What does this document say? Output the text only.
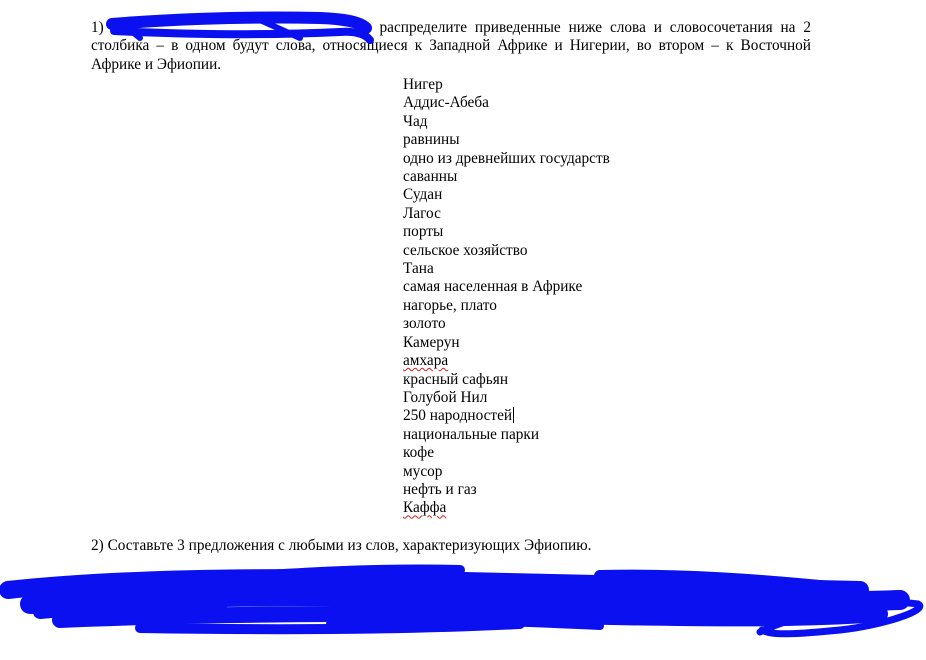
1)	распределите приведенные ниже слова и словосочетания на 2 столбика – в одном будут слова, относящиеся к Западной Африке и Нигерии, во втором – к Восточной Африке и Эфиопии.
Нигер
Аддис-Абеба
Чад
равнины
одно из древнейших государств
саванны
Судан
Лагос
порты
сельское хозяйство
Тана
самая населенная в Африке
нагорье, плато
золото
Камерун
амхара
красный сафьян
Голубой Нил
250 народностей
национальные парки
кофе
мусор
нефть и газ
Каффа
2) Составьте 3 предложения с любыми из слов, характеризующих Эфиопию.
